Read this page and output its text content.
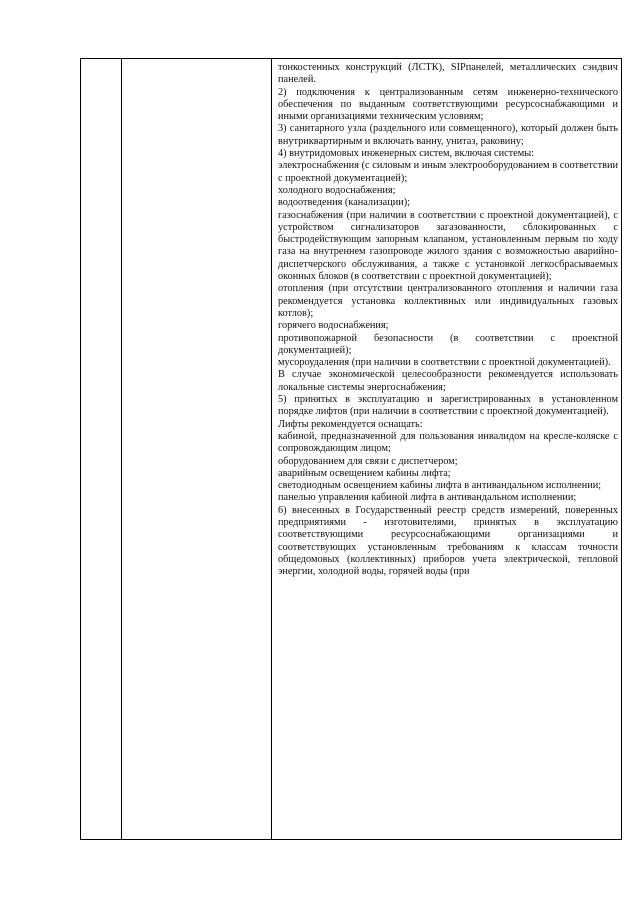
тонкостенных конструкций (ЛСТК), SIPпанелей, металлических сэндвич панелей.

2) подключения к централизованным сетям инженерно-технического обеспечения по выданным соответствующими ресурсоснабжающими и иными организациями техническим условиям;

3) санитарного узла (раздельного или совмещенного), который должен быть внутриквартирным и включать ванну, унитаз, раковину;

4) внутридомовых инженерных систем, включая системы:

электроснабжения (с силовым и иным электрооборудованием в соответствии с проектной документацией);

холодного водоснабжения;

водоотведения (канализации);

газоснабжения (при наличии в соответствии с проектной документацией), с устройством сигнализаторов загазованности, сблокированных с быстродействующим запорным клапаном, установленным первым по ходу газа на внутреннем газопроводе жилого здания с возможностью аварийно-диспетчерского обслуживания, а также с установкой легкосбрасываемых оконных блоков (в соответствии с проектной документацией);

отопления (при отсутствии централизованного отопления и наличии газа рекомендуется установка коллективных или индивидуальных газовых котлов);

горячего водоснабжения;

противопожарной безопасности (в соответствии с проектной документацией);

мусороудаления (при наличии в соответствии с проектной документацией).

В случае экономической целесообразности рекомендуется использовать локальные системы энергоснабжения;

5) принятых в эксплуатацию и зарегистрированных в установленном порядке лифтов (при наличии в соответствии с проектной документацией).

Лифты рекомендуется оснащать:

кабиной, предназначенной для пользования инвалидом на кресле-коляске с сопровождающим лицом;

оборудованием для связи с диспетчером;

аварийным освещением кабины лифта;

светодиодным освещением кабины лифта в антивандальном исполнении;

панелью управления кабиной лифта в антивандальном исполнении;

6) внесенных в Государственный реестр средств измерений, поверенных предприятиями - изготовителями, принятых в эксплуатацию соответствующими ресурсоснабжающими организациями и соответствующих установленным требованиям к классам точности общедомовых (коллективных) приборов учета электрической, тепловой энергии, холодной воды, горячей воды (при
